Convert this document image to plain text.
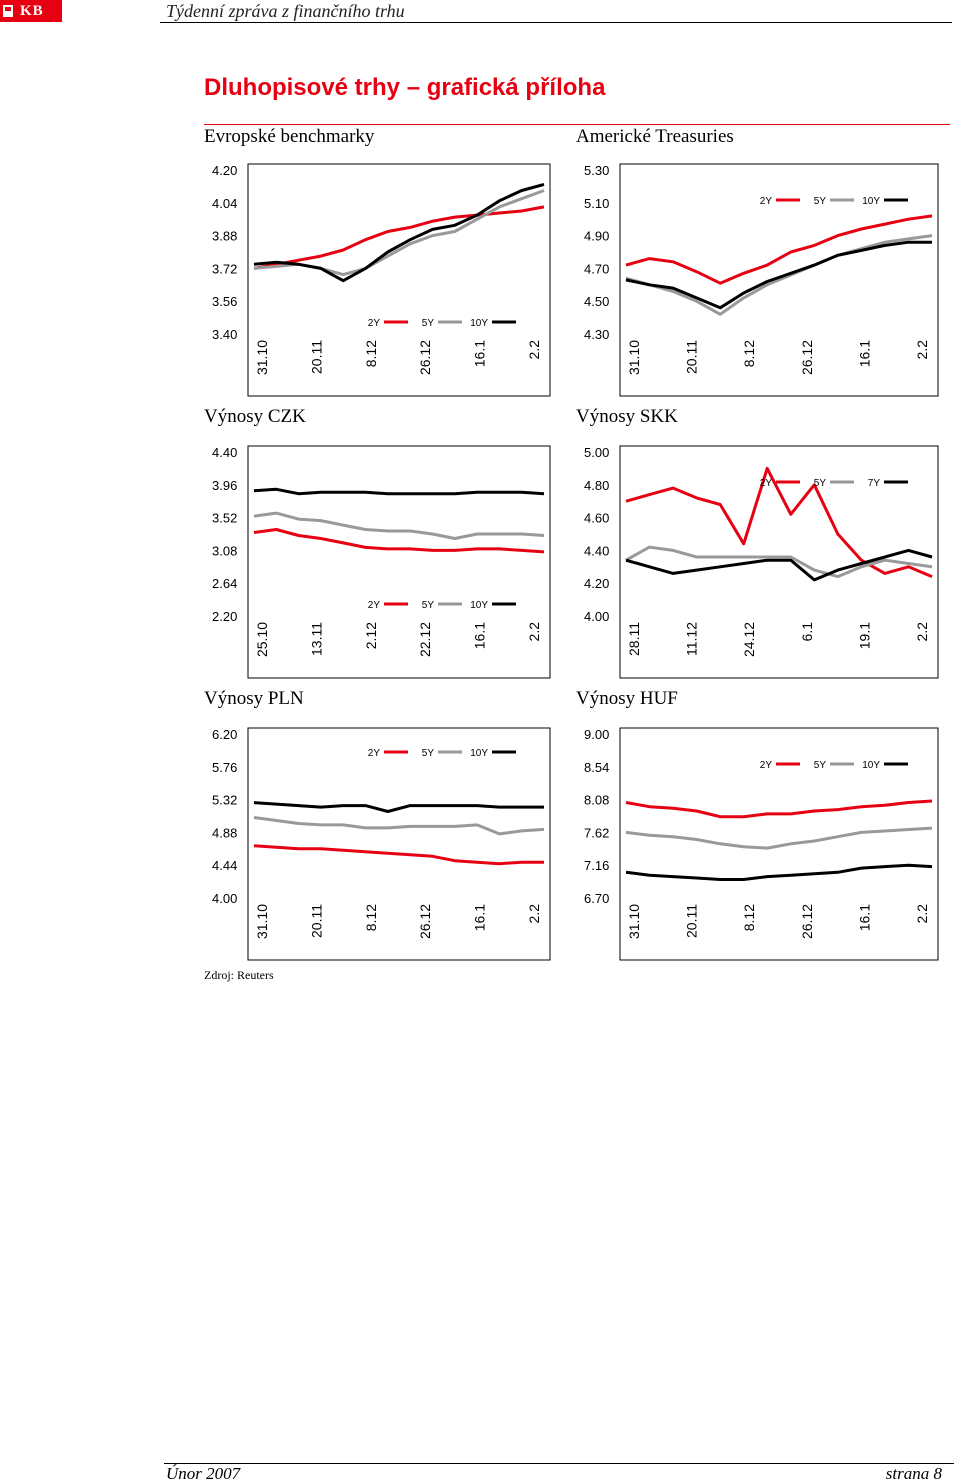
KB	Týdenní zpráva z finančního trhu
Dluhopisové trhy – grafická příloha
Evropské benchmarky	Americké Treasuries
Výnosy CZK	Výnosy SKK
Výnosy PLN	Výnosy HUF
4.20
4.04
3.88
3.72
3.56
3.40
31.10	20.11	8.12	26.12	16.1	2.2
2Y	5Y	10Y
5.30
5.10
4.90
4.70
4.50
4.30
31.10	20.11	8.12	26.12	16.1	2.2
2Y	5Y	10Y
4.40
3.96
3.52
3.08
2.64
2.20
25.10	13.11	2.12	22.12	16.1	2.2
2Y	5Y	10Y
5.00
4.80
4.60
4.40
4.20
4.00
28.11	11.12	24.12	6.1	19.1	2.2
2Y	5Y	7Y
6.20
5.76
5.32
4.88
4.44
4.00
31.10	20.11	8.12	26.12	16.1	2.2
2Y	5Y	10Y
9.00
8.54
8.08
7.62
7.16
6.70
31.10	20.11	8.12	26.12	16.1	2.2
2Y	5Y	10Y
Zdroj: Reuters
Únor 2007	strana 8
